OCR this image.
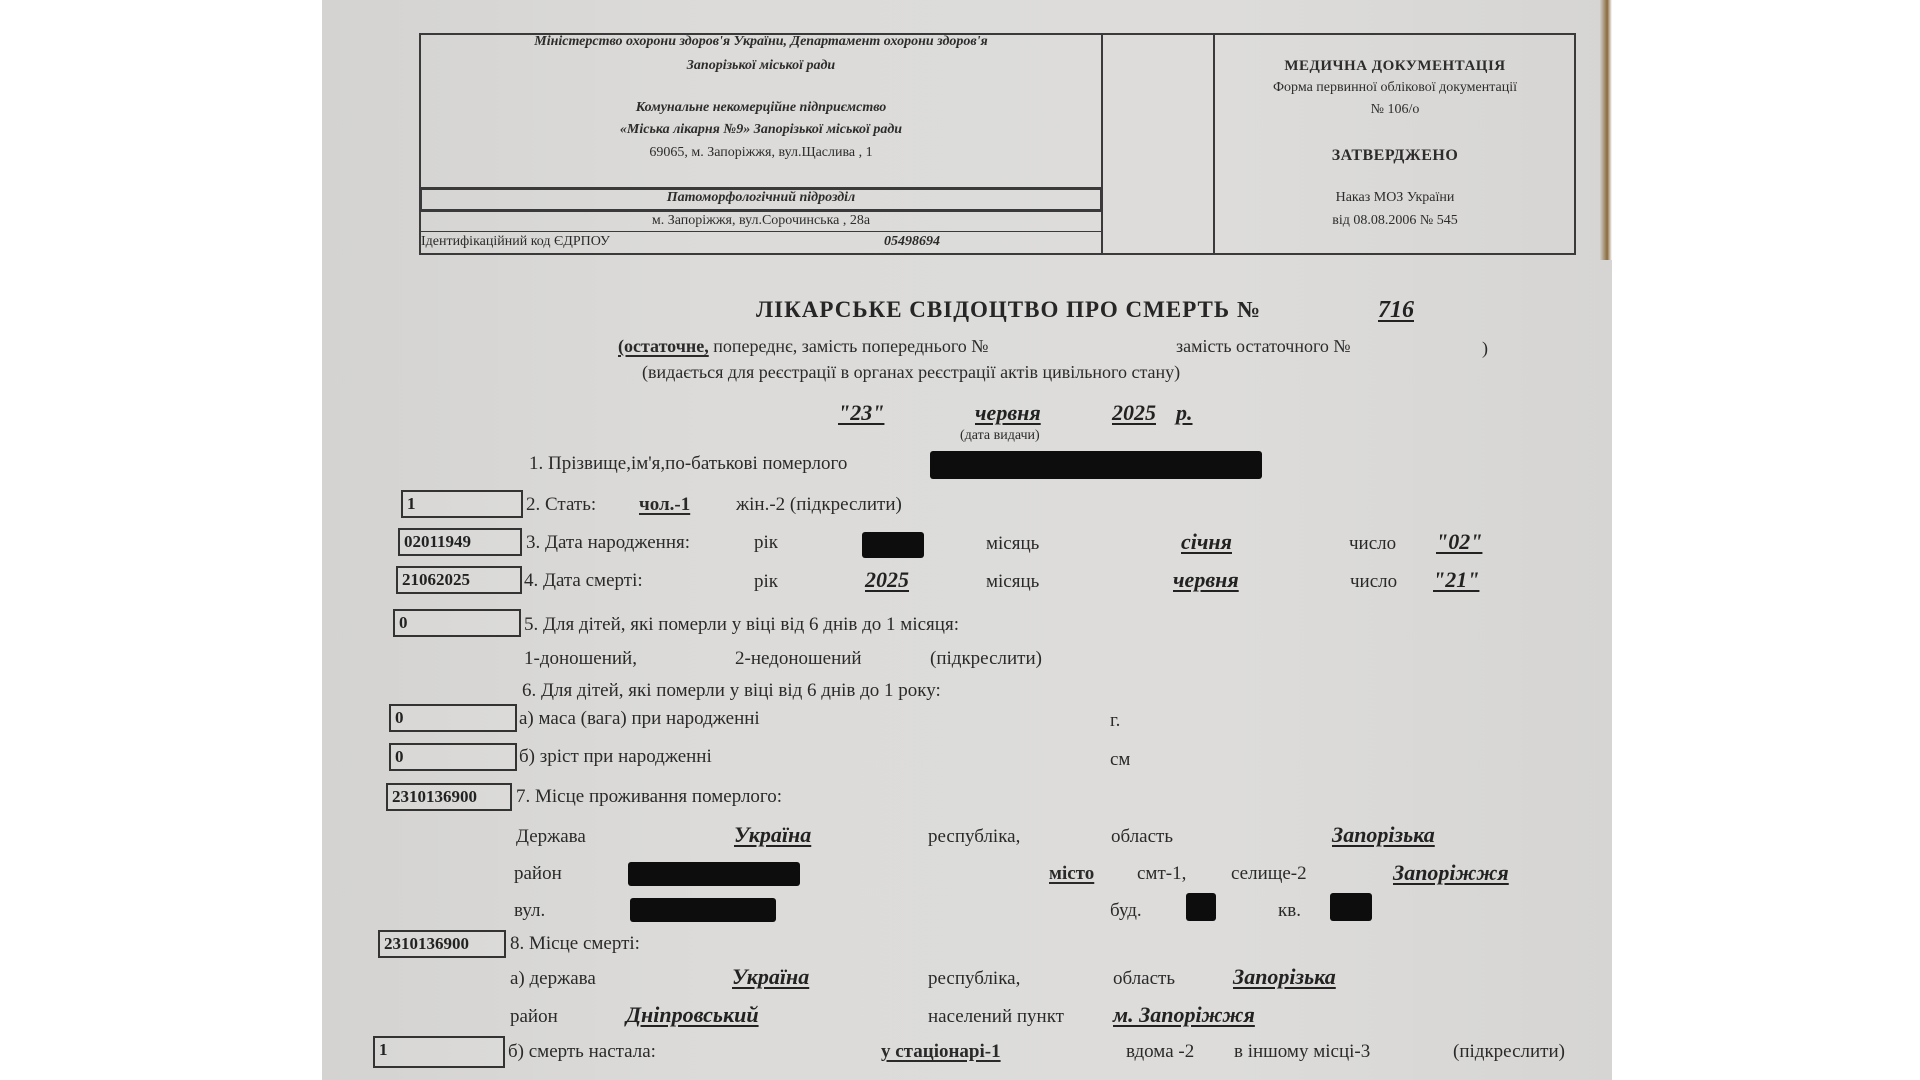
Міністерство охорони здоров'я України, Департамент охорони здоров'я
Запорізької міської ради
Комунальне некомерційне підприємство
«Міська лікарня №9» Запорізької міської ради
69065, м. Запоріжжя, вул.Щаслива , 1
Патоморфологічний підрозділ
м. Запоріжжя, вул.Сорочинська , 28а
Ідентифікаційний код ЄДРПОУ	05498694
МЕДИЧНА ДОКУМЕНТАЦІЯ
Форма первинної облікової документації
№ 106/о
ЗАТВЕРДЖЕНО
Наказ МОЗ України
від 08.08.2006 № 545
ЛІКАРСЬКЕ СВІДОЦТВО ПРО СМЕРТЬ №	716
(остаточне, попереднє, замість попереднього №	замість остаточного №	)
(видається для реєстрації в органах реєстрації актів цивільного стану)
"23"	червня	2025 р.
(дата видачи)
1. Прізвище,ім'я,по-батькові померлого
1	2. Стать: чол.-1 жін.-2 (підкреслити)
02011949	3. Дата народження:	рік	місяць	січня	число "02"
21062025	4. Дата смерті:	рік	2025	місяць	червня	число "21"
0	5. Для дітей, які померли у віці від 6 днів до 1 місяця:
1-доношений,	2-недоношений	(підкреслити)
6. Для дітей, які померли у віці від 6 днів до 1 року:
0	а) маса (вага) при народженні	г.
0	б) зріст при народженні	см
2310136900	7. Місце проживання померлого:
Держава	Україна	республіка,	область	Запорізька
район	місто смт-1, селище-2	Запоріжжя
вул.	буд.	кв.
2310136900	8. Місце смерті:
а) держава	Україна	республіка,	область	Запорізька
район	Дніпровський	населений пункт м. Запоріжжя
1	б) смерть настала:	у стаціонарі-1	вдома -2 в іншому місці-3	(підкреслити)
